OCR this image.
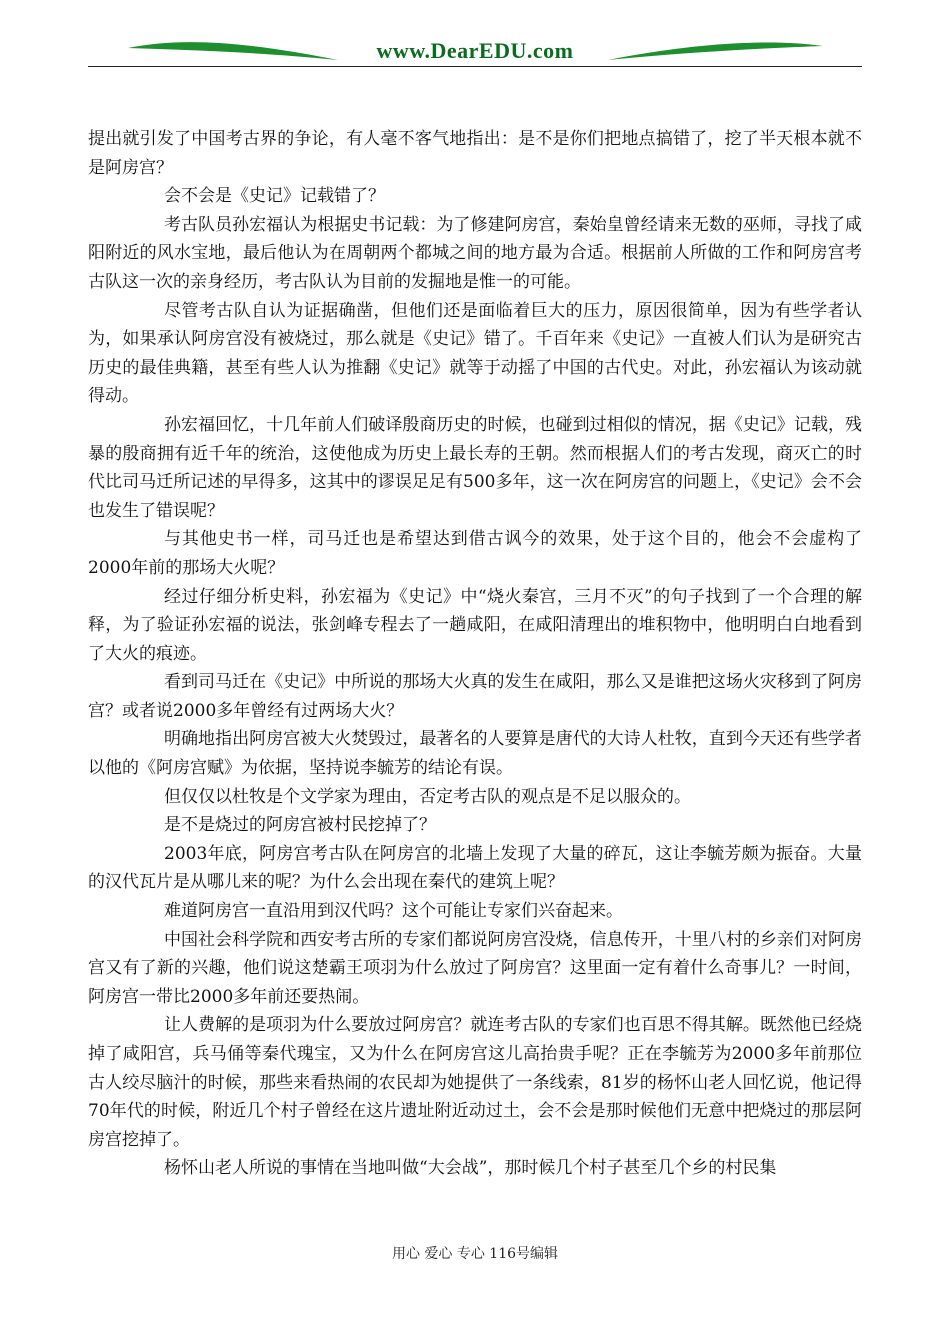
www.DearEDU.com

提出就引发了中国考古界的争论，有人毫不客气地指出：是不是你们把地点搞错了，挖了半天根本就不是阿房宫？

会不会是《史记》记载错了？

考古队员孙宏福认为根据史书记载：为了修建阿房宫，秦始皇曾经请来无数的巫师，寻找了咸阳附近的风水宝地，最后他认为在周朝两个都城之间的地方最为合适。根据前人所做的工作和阿房宫考古队这一次的亲身经历，考古队认为目前的发掘地是惟一的可能。

尽管考古队自认为证据确凿，但他们还是面临着巨大的压力，原因很简单，因为有些学者认为，如果承认阿房宫没有被烧过，那么就是《史记》错了。千百年来《史记》一直被人们认为是研究古历史的最佳典籍，甚至有些人认为推翻《史记》就等于动摇了中国的古代史。对此，孙宏福认为该动就得动。

孙宏福回忆，十几年前人们破译殷商历史的时候，也碰到过相似的情况，据《史记》记载，残暴的殷商拥有近千年的统治，这使他成为历史上最长寿的王朝。然而根据人们的考古发现，商灭亡的时代比司马迁所记述的早得多，这其中的谬误足足有500多年，这一次在阿房宫的问题上，《史记》会不会也发生了错误呢？

与其他史书一样，司马迁也是希望达到借古讽今的效果，处于这个目的，他会不会虚构了2000年前的那场大火呢？

经过仔细分析史料，孙宏福为《史记》中“烧火秦宫，三月不灭”的句子找到了一个合理的解释，为了验证孙宏福的说法，张剑峰专程去了一趟咸阳，在咸阳清理出的堆积物中，他明明白白地看到了大火的痕迹。

看到司马迁在《史记》中所说的那场大火真的发生在咸阳，那么又是谁把这场火灾移到了阿房宫？或者说2000多年曾经有过两场大火？

明确地指出阿房宫被大火焚毁过，最著名的人要算是唐代的大诗人杜牧，直到今天还有些学者以他的《阿房宫赋》为依据，坚持说李毓芳的结论有误。

但仅仅以杜牧是个文学家为理由，否定考古队的观点是不足以服众的。

是不是烧过的阿房宫被村民挖掉了？

2003年底，阿房宫考古队在阿房宫的北墙上发现了大量的碎瓦，这让李毓芳颇为振奋。大量的汉代瓦片是从哪儿来的呢？为什么会出现在秦代的建筑上呢？

难道阿房宫一直沿用到汉代吗？这个可能让专家们兴奋起来。

中国社会科学院和西安考古所的专家们都说阿房宫没烧，信息传开，十里八村的乡亲们对阿房宫又有了新的兴趣，他们说这楚霸王项羽为什么放过了阿房宫？这里面一定有着什么奇事儿？一时间，阿房宫一带比2000多年前还要热闹。

让人费解的是项羽为什么要放过阿房宫？就连考古队的专家们也百思不得其解。既然他已经烧掉了咸阳宫，兵马俑等秦代瑰宝，又为什么在阿房宫这儿高抬贵手呢？正在李毓芳为2000多年前那位古人绞尽脑汁的时候，那些来看热闹的农民却为她提供了一条线索，81岁的杨怀山老人回忆说，他记得70年代的时候，附近几个村子曾经在这片遗址附近动过土，会不会是那时候他们无意中把烧过的那层阿房宫挖掉了。

杨怀山老人所说的事情在当地叫做“大会战”，那时候几个村子甚至几个乡的村民集

用心 爱心 专心 116号编辑
